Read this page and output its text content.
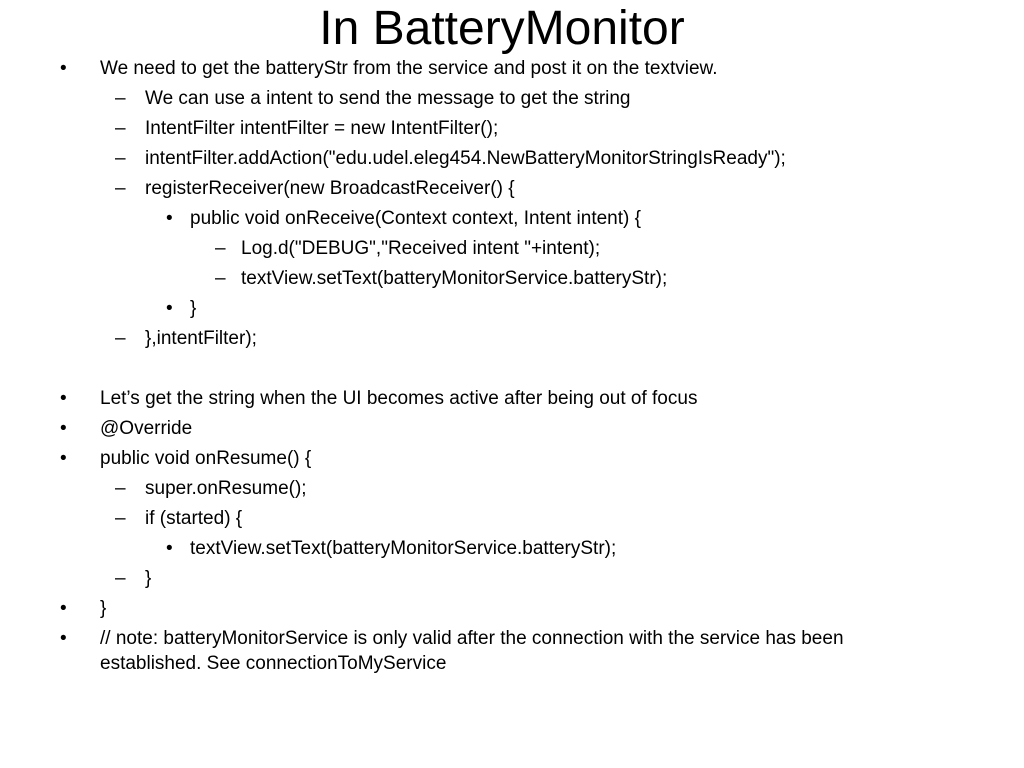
In BatteryMonitor
• We need to get the batteryStr from the service and post it on the textview.
– We can use a intent to send the message to get the string
– IntentFilter intentFilter = new IntentFilter();
– intentFilter.addAction("edu.udel.eleg454.NewBatteryMonitorStringIsReady");
– registerReceiver(new BroadcastReceiver() {
• public void onReceive(Context context, Intent intent) {
– Log.d("DEBUG","Received intent "+intent);
– textView.setText(batteryMonitorService.batteryStr);
• }
– },intentFilter);
• Let’s get the string when the UI becomes active after being out of focus
• @Override
• public void onResume() {
– super.onResume();
– if (started) {
• textView.setText(batteryMonitorService.batteryStr);
– }
• }
• // note: batteryMonitorService is only valid after the connection with the service has been established. See connectionToMyService
